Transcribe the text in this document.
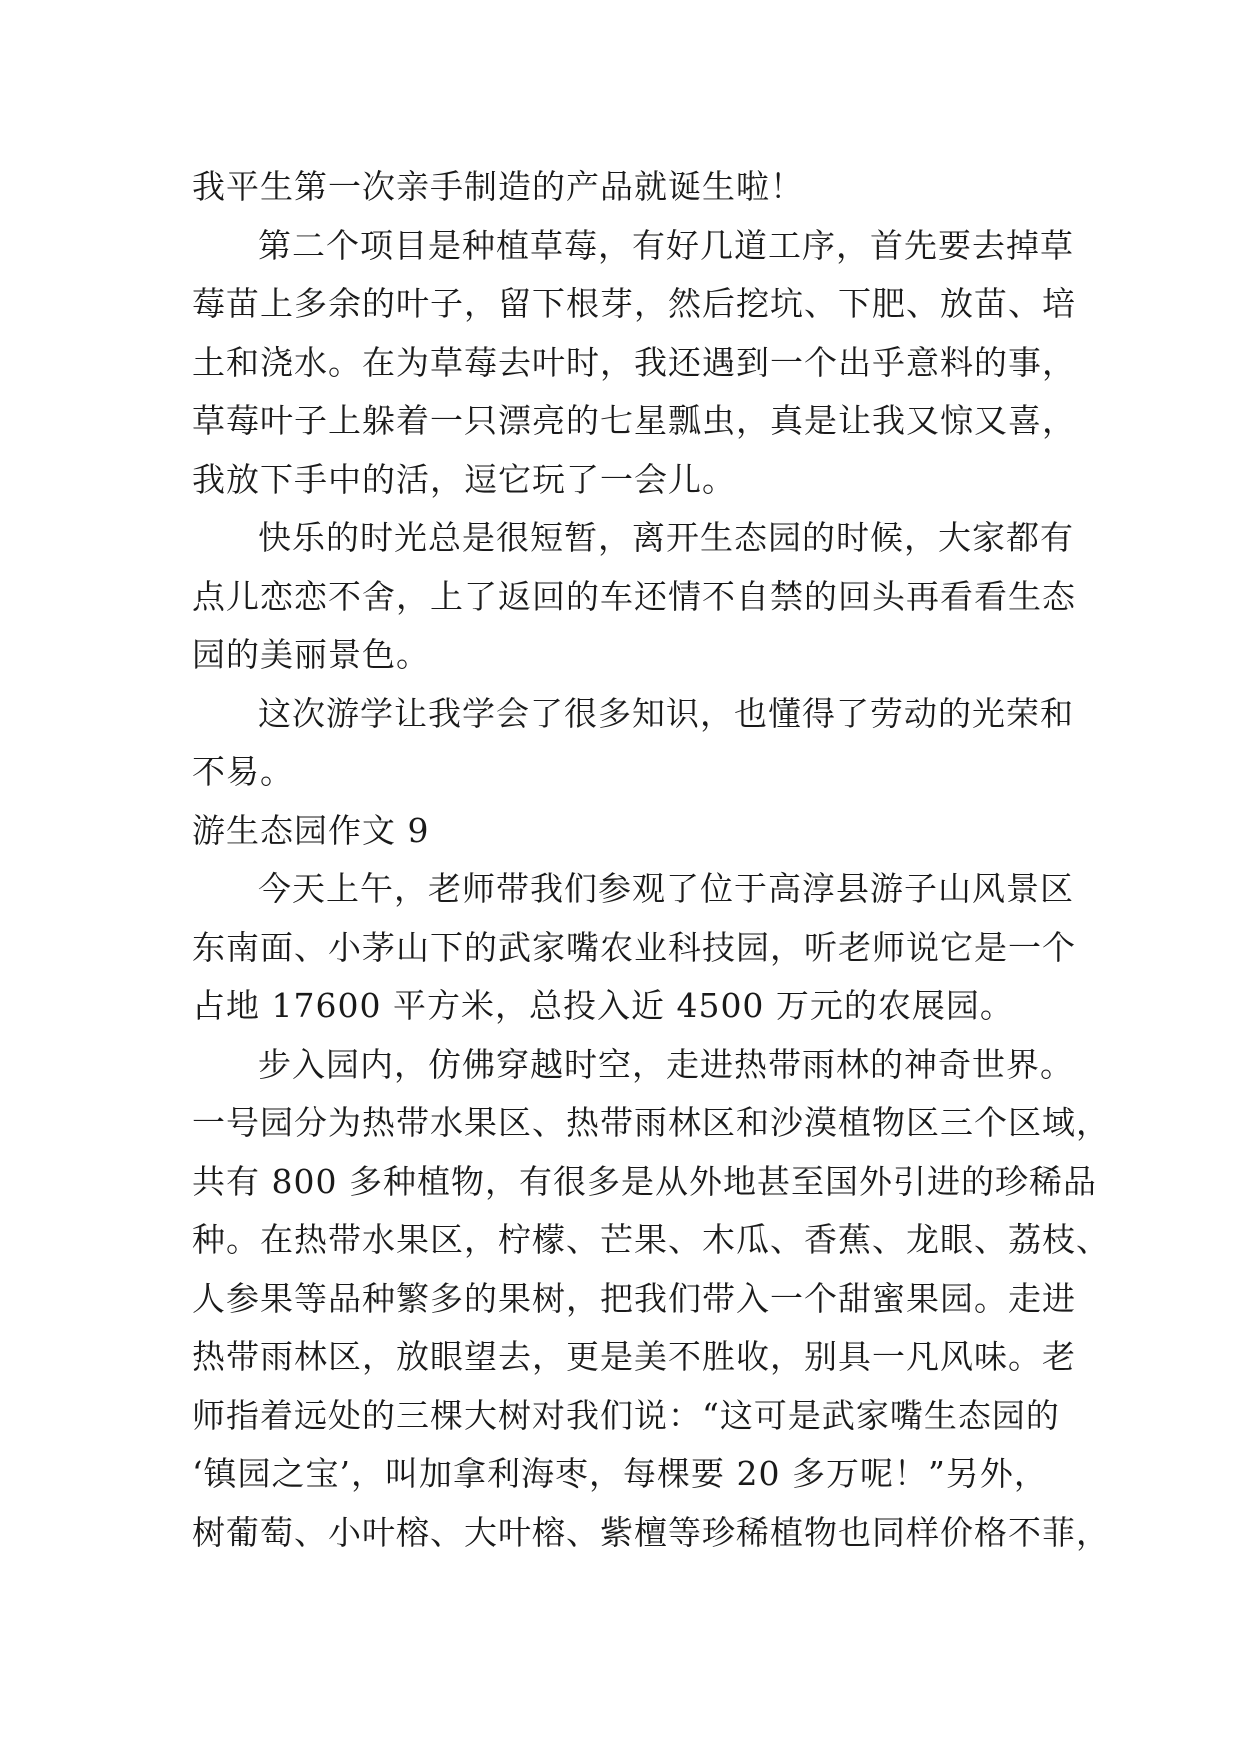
我平生第一次亲手制造的产品就诞生啦！
第二个项目是种植草莓，有好几道工序，首先要去掉草
莓苗上多余的叶子，留下根芽，然后挖坑、下肥、放苗、培
土和浇水。在为草莓去叶时，我还遇到一个出乎意料的事，
草莓叶子上躲着一只漂亮的七星瓢虫，真是让我又惊又喜，
我放下手中的活，逗它玩了一会儿。
快乐的时光总是很短暂，离开生态园的时候，大家都有
点儿恋恋不舍，上了返回的车还情不自禁的回头再看看生态
园的美丽景色。
这次游学让我学会了很多知识，也懂得了劳动的光荣和
不易。
游生态园作文 9
今天上午，老师带我们参观了位于高淳县游子山风景区
东南面、小茅山下的武家嘴农业科技园，听老师说它是一个
占地 17600 平方米，总投入近 4500 万元的农展园。
步入园内，仿佛穿越时空，走进热带雨林的神奇世界。
一号园分为热带水果区、热带雨林区和沙漠植物区三个区域，
共有 800 多种植物，有很多是从外地甚至国外引进的珍稀品
种。在热带水果区，柠檬、芒果、木瓜、香蕉、龙眼、荔枝、
人参果等品种繁多的果树，把我们带入一个甜蜜果园。走进
热带雨林区，放眼望去，更是美不胜收，别具一凡风味。老
师指着远处的三棵大树对我们说：“这可是武家嘴生态园的
‘镇园之宝’，叫加拿利海枣，每棵要 20 多万呢！”另外，
树葡萄、小叶榕、大叶榕、紫檀等珍稀植物也同样价格不菲，
